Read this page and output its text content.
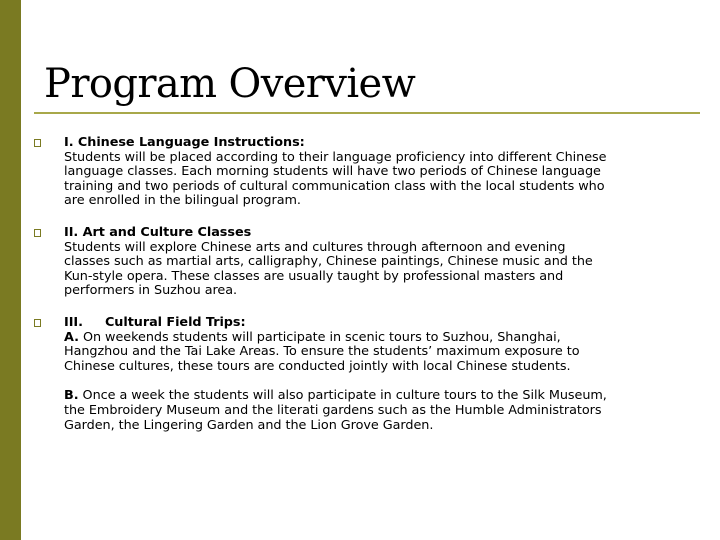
Program Overview
I. Chinese Language Instructions:
Students will be placed according to their language proficiency into different Chinese
language classes. Each morning students will have two periods of Chinese language
training and two periods of cultural communication class with the local students who
are enrolled in the bilingual program.
II. Art and Culture Classes
Students will explore Chinese arts and cultures through afternoon and evening
classes such as martial arts, calligraphy, Chinese paintings, Chinese music and the
Kun-style opera. These classes are usually taught by professional masters and
performers in Suzhou area.
III. Cultural Field Trips:
A. On weekends students will participate in scenic tours to Suzhou, Shanghai,
Hangzhou and the Tai Lake Areas. To ensure the students’ maximum exposure to
Chinese cultures, these tours are conducted jointly with local Chinese students.
B. Once a week the students will also participate in culture tours to the Silk Museum,
the Embroidery Museum and the literati gardens such as the Humble Administrators
Garden, the Lingering Garden and the Lion Grove Garden.
